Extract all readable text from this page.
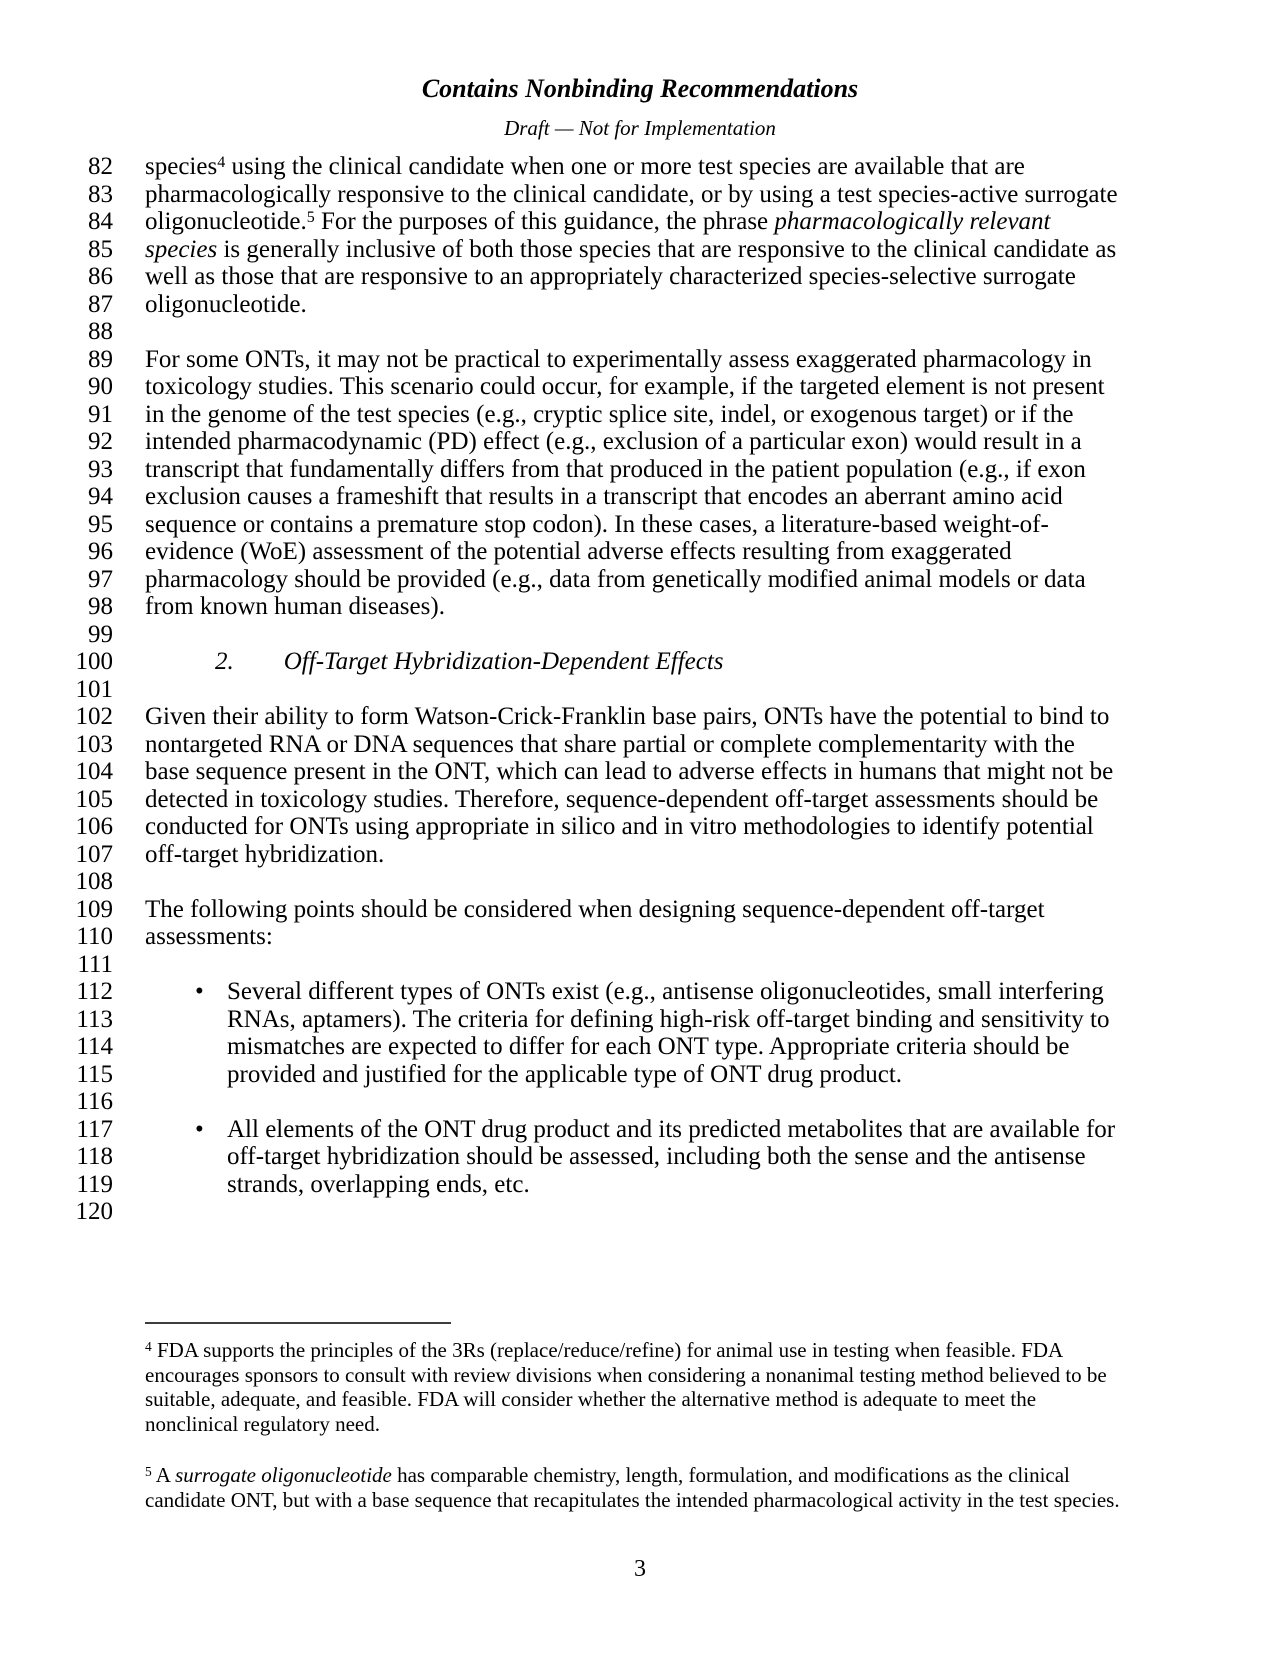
Contains Nonbinding Recommendations
Draft — Not for Implementation
82 species$^4$ using the clinical candidate when one or more test species are available that are
83 pharmacologically responsive to the clinical candidate, or by using a test species-active surrogate
84 oligonucleotide.$^5$ For the purposes of this guidance, the phrase pharmacologically relevant
85 species is generally inclusive of both those species that are responsive to the clinical candidate as
86 well as those that are responsive to an appropriately characterized species-selective surrogate
87 oligonucleotide.
88
89 For some ONTs, it may not be practical to experimentally assess exaggerated pharmacology in
90 toxicology studies. This scenario could occur, for example, if the targeted element is not present
91 in the genome of the test species (e.g., cryptic splice site, indel, or exogenous target) or if the
92 intended pharmacodynamic (PD) effect (e.g., exclusion of a particular exon) would result in a
93 transcript that fundamentally differs from that produced in the patient population (e.g., if exon
94 exclusion causes a frameshift that results in a transcript that encodes an aberrant amino acid
95 sequence or contains a premature stop codon). In these cases, a literature-based weight-of-
96 evidence (WoE) assessment of the potential adverse effects resulting from exaggerated
97 pharmacology should be provided (e.g., data from genetically modified animal models or data
98 from known human diseases).
99
100	2. Off-Target Hybridization-Dependent Effects
101
102 Given their ability to form Watson-Crick-Franklin base pairs, ONTs have the potential to bind to
103 nontargeted RNA or DNA sequences that share partial or complete complementarity with the
104 base sequence present in the ONT, which can lead to adverse effects in humans that might not be
105 detected in toxicology studies. Therefore, sequence-dependent off-target assessments should be
106 conducted for ONTs using appropriate in silico and in vitro methodologies to identify potential
107 off-target hybridization.
108
109 The following points should be considered when designing sequence-dependent off-target
110 assessments:
111
112	• Several different types of ONTs exist (e.g., antisense oligonucleotides, small interfering
113	RNAs, aptamers). The criteria for defining high-risk off-target binding and sensitivity to
114	mismatches are expected to differ for each ONT type. Appropriate criteria should be
115	provided and justified for the applicable type of ONT drug product.
116
117	• All elements of the ONT drug product and its predicted metabolites that are available for
118	off-target hybridization should be assessed, including both the sense and the antisense
119	strands, overlapping ends, etc.
120
$^4$ FDA supports the principles of the 3Rs (replace/reduce/refine) for animal use in testing when feasible. FDA
encourages sponsors to consult with review divisions when considering a nonanimal testing method believed to be
suitable, adequate, and feasible. FDA will consider whether the alternative method is adequate to meet the
nonclinical regulatory need.
$^5$ A surrogate oligonucleotide has comparable chemistry, length, formulation, and modifications as the clinical
candidate ONT, but with a base sequence that recapitulates the intended pharmacological activity in the test species.
3
